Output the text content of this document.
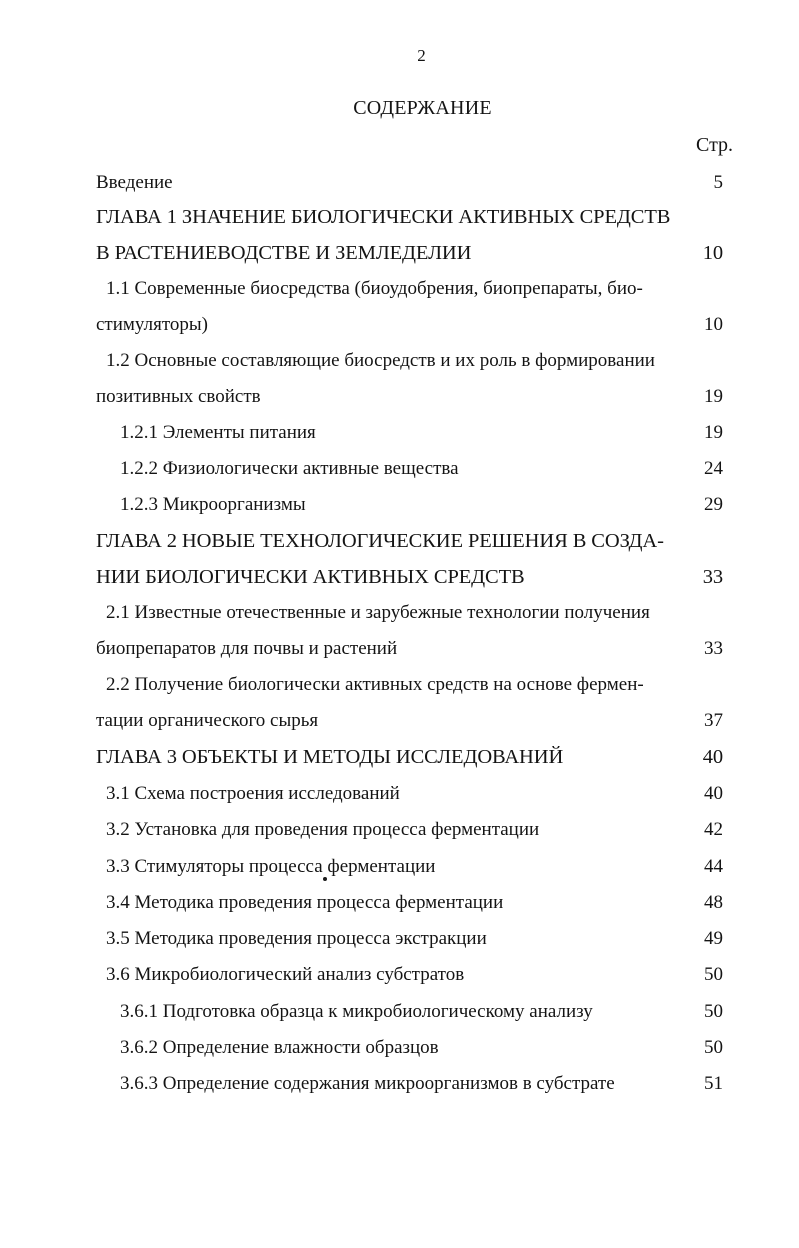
2
СОДЕРЖАНИЕ
Стр.
Введение	5
ГЛАВА 1 ЗНАЧЕНИЕ БИОЛОГИЧЕСКИ АКТИВНЫХ СРЕДСТВ
В РАСТЕНИЕВОДСТВЕ И ЗЕМЛЕДЕЛИИ	10
1.1 Современные биосредства (биоудобрения, биопрепараты, био-
стимуляторы)	10
1.2 Основные составляющие биосредств и их роль в формировании
позитивных свойств	19
1.2.1 Элементы питания	19
1.2.2 Физиологически активные вещества	24
1.2.3 Микроорганизмы	29
ГЛАВА 2 НОВЫЕ ТЕХНОЛОГИЧЕСКИЕ РЕШЕНИЯ В СОЗДА-
НИИ БИОЛОГИЧЕСКИ АКТИВНЫХ СРЕДСТВ	33
2.1 Известные отечественные и зарубежные технологии получения
биопрепаратов для почвы и растений	33
2.2 Получение биологически активных средств на основе фермен-
тации органического сырья	37
ГЛАВА 3 ОБЪЕКТЫ И МЕТОДЫ ИССЛЕДОВАНИЙ	40
3.1 Схема построения исследований	40
3.2 Установка для проведения процесса ферментации	42
3.3 Стимуляторы процесса ферментации	44
3.4 Методика проведения процесса ферментации	48
3.5 Методика проведения процесса экстракции	49
3.6 Микробиологический анализ субстратов	50
3.6.1 Подготовка образца к микробиологическому анализу	50
3.6.2 Определение влажности образцов	50
3.6.3 Определение содержания микроорганизмов в субстрате	51
